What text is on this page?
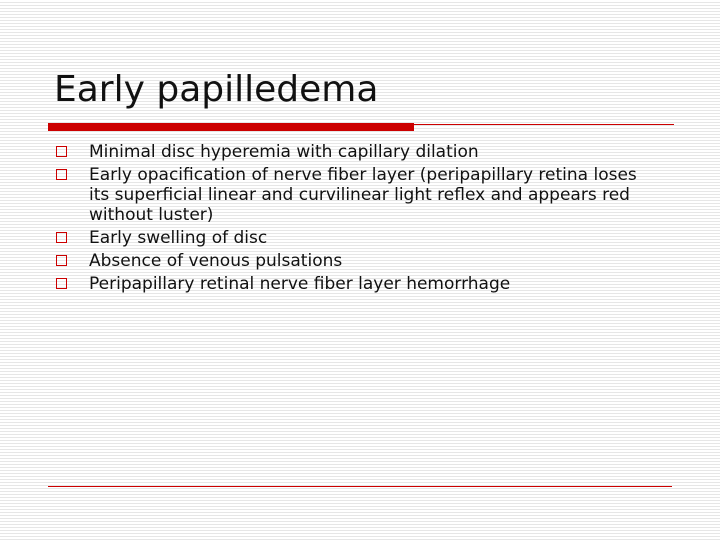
Early papilledema
Minimal disc hyperemia with capillary dilation
Early opacification of nerve fiber layer (peripapillary retina loses its superficial linear and curvilinear light reflex and appears red without luster)
Early swelling of disc
Absence of venous pulsations
Peripapillary retinal nerve fiber layer hemorrhage
